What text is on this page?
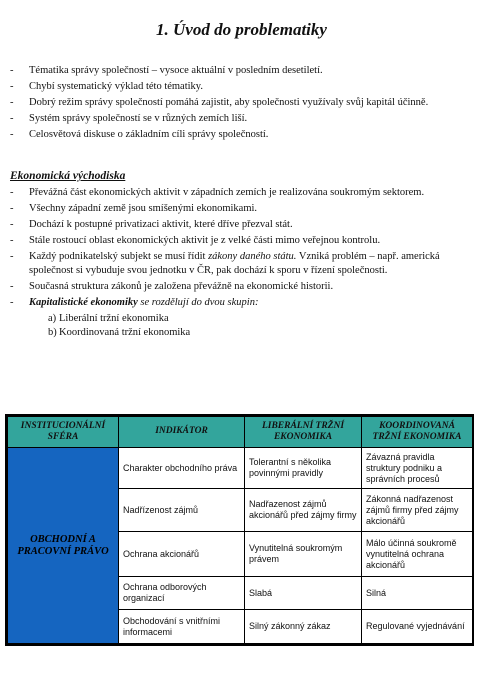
1. Úvod do problematiky
- Tématika správy společností – vysoce aktuální v posledním desetiletí.
- Chybí systematický výklad této tématiky.
- Dobrý režim správy společností pomáhá zajistit, aby společnosti využívaly svůj kapitál účinně.
- Systém správy společností se v různých zemích liší.
- Celosvětová diskuse o základním cíli správy společností.
Ekonomická východiska
- Převážná část ekonomických aktivit v západních zemích je realizována soukromým sektorem.
- Všechny západní země jsou smíšenými ekonomikami.
- Dochází k postupné privatizaci aktivit, které dříve přezval stát.
- Stále rostoucí oblast ekonomických aktivit je z velké části mimo veřejnou kontrolu.
- Každý podnikatelský subjekt se musí řídit zákony daného státu. Vzniká problém – např. americká společnost si vybuduje svou jednotku v ČR, pak dochází k sporu v řízení společnosti.
- Současná struktura zákonů je založena převážně na ekonomické historii.
- Kapitalistické ekonomiky se rozdělují do dvou skupin:
a) Liberální tržní ekonomika
b) Koordinovaná tržní ekonomika
INSTITUCIONÁLNÍ SFÉRA	INDIKÁTOR	LIBERÁLNÍ TRŽNÍ EKONOMIKA	KOORDINOVANÁ TRŽNÍ EKONOMIKA
OBCHODNÍ A PRACOVNÍ PRÁVO	Charakter obchodního práva	Tolerantní s několika povinnými pravidly	Závazná pravidla struktury podniku a správních procesů
	Nadřízenost zájmů	Nadřazenost zájmů akcionářů před zájmy firmy	Zákonná nadřazenost zájmů firmy před zájmy akcionářů
	Ochrana akcionářů	Vynutitelná soukromým právem	Málo účinná soukromě vynutitelná ochrana akcionářů
	Ochrana odborových organizací	Slabá	Silná
	Obchodování s vnitřními informacemi	Silný zákonný zákaz	Regulované vyjednávání
